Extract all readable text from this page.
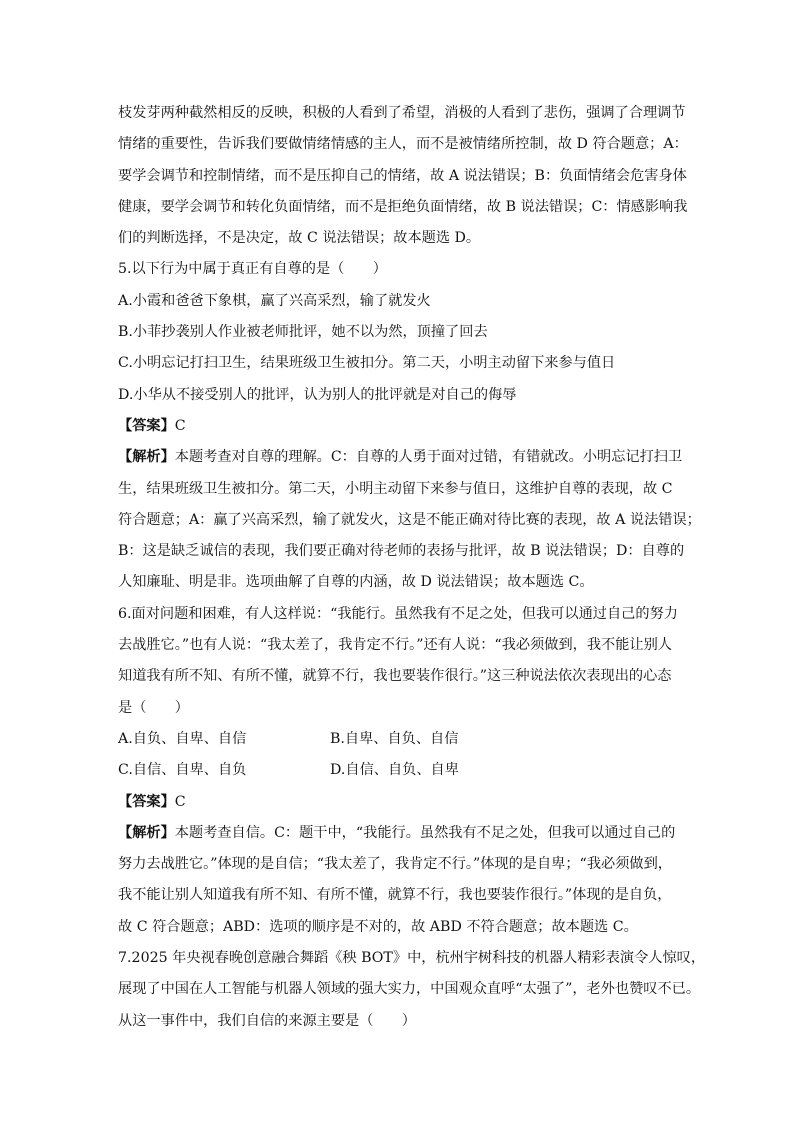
枝发芽两种截然相反的反映，积极的人看到了希望，消极的人看到了悲伤，强调了合理调节
情绪的重要性，告诉我们要做情绪情感的主人，而不是被情绪所控制，故 D 符合题意；A：
要学会调节和控制情绪，而不是压抑自己的情绪，故 A 说法错误；B：负面情绪会危害身体
健康，要学会调节和转化负面情绪，而不是拒绝负面情绪，故 B 说法错误；C：情感影响我
们的判断选择，不是决定，故 C 说法错误；故本题选 D。
5.以下行为中属于真正有自尊的是（　　）
A.小霞和爸爸下象棋，赢了兴高采烈，输了就发火
B.小菲抄袭别人作业被老师批评，她不以为然，顶撞了回去
C.小明忘记打扫卫生，结果班级卫生被扣分。第二天，小明主动留下来参与值日
D.小华从不接受别人的批评，认为别人的批评就是对自己的侮辱
【答案】C
【解析】本题考查对自尊的理解。C：自尊的人勇于面对过错，有错就改。小明忘记打扫卫
生，结果班级卫生被扣分。第二天，小明主动留下来参与值日，这维护自尊的表现，故 C
符合题意；A：赢了兴高采烈，输了就发火，这是不能正确对待比赛的表现，故 A 说法错误；
B：这是缺乏诚信的表现，我们要正确对待老师的表扬与批评，故 B 说法错误；D：自尊的
人知廉耻、明是非。选项曲解了自尊的内涵，故 D 说法错误；故本题选 C。
6.面对问题和困难，有人这样说：“我能行。虽然我有不足之处，但我可以通过自己的努力
去战胜它。”也有人说：“我太差了，我肯定不行。”还有人说：“我必须做到，我不能让别人
知道我有所不知、有所不懂，就算不行，我也要装作很行。”这三种说法依次表现出的心态
是（　　）
A.自负、自卑、自信	B.自卑、自负、自信
C.自信、自卑、自负	D.自信、自负、自卑
【答案】C
【解析】本题考查自信。C：题干中，“我能行。虽然我有不足之处，但我可以通过自己的
努力去战胜它。”体现的是自信；“我太差了，我肯定不行。”体现的是自卑；“我必须做到，
我不能让别人知道我有所不知、有所不懂，就算不行，我也要装作很行。”体现的是自负，
故 C 符合题意；ABD：选项的顺序是不对的，故 ABD 不符合题意；故本题选 C。
7.2025 年央视春晚创意融合舞蹈《秧 BOT》中，杭州宇树科技的机器人精彩表演令人惊叹，
展现了中国在人工智能与机器人领域的强大实力，中国观众直呼“太强了”，老外也赞叹不已。
从这一事件中，我们自信的来源主要是（　　）
